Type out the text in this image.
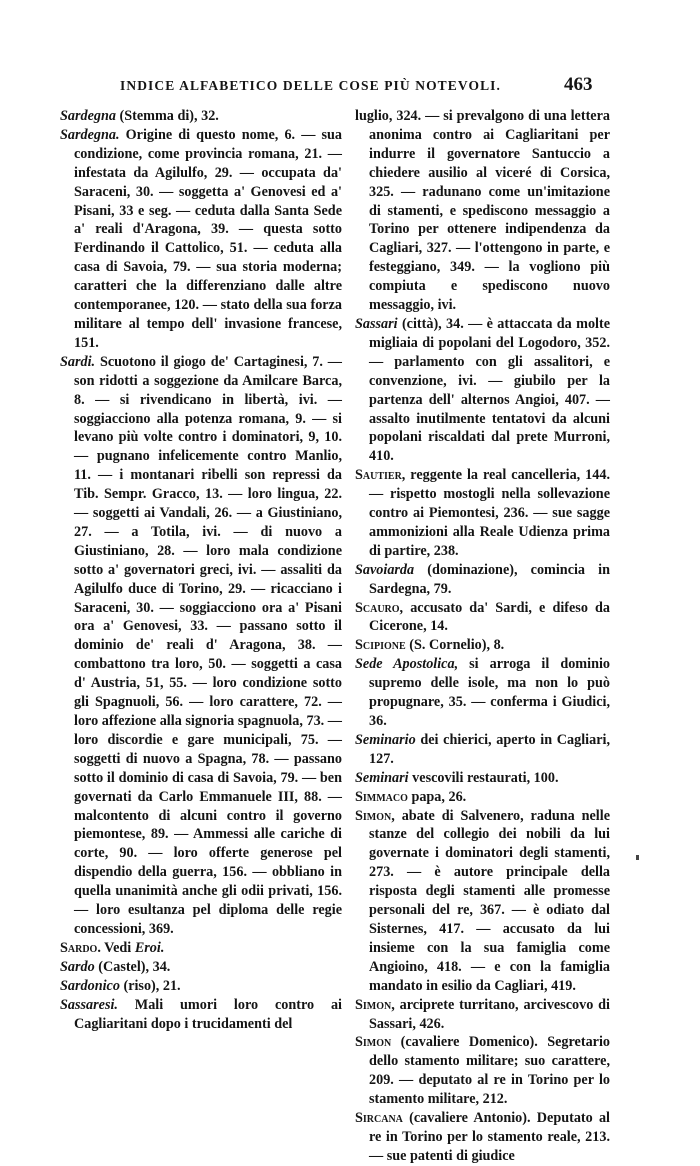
INDICE ALFABETICO DELLE COSE PIÙ NOTEVOLI.	463
Sardegna (Stemma di), 32.
Sardegna. Origine di questo nome, 6. — sua condizione, come provincia romana, 21. — infestata da Agilulfo, 29. — occupata da' Saraceni, 30. — soggetta a' Genovesi ed a' Pisani, 33 e seg. — ceduta dalla Santa Sede a' reali d'Aragona, 39. — questa sotto Ferdinando il Cattolico, 51. — ceduta alla casa di Savoia, 79. — sua storia moderna; caratteri che la differenziano dalle altre contemporanee, 120. — stato della sua forza militare al tempo dell' invasione francese, 151.
Sardi. Scuotono il giogo de' Cartaginesi, 7. — son ridotti a soggezione da Amilcare Barca, 8. — si rivendicano in libertà, ivi. — soggiacciono alla potenza romana, 9. — si levano più volte contro i dominatori, 9, 10. — pugnano infelicemente contro Manlio, 11. — i montanari ribelli son repressi da Tib. Sempr. Gracco, 13. — loro lingua, 22. — soggetti ai Vandali, 26. — a Giustiniano, 27. — a Totila, ivi. — di nuovo a Giustiniano, 28. — loro mala condizione sotto a' governatori greci, ivi. — assaliti da Agilulfo duce di Torino, 29. — ricacciano i Saraceni, 30. — soggiacciono ora a' Pisani ora a' Genovesi, 33. — passano sotto il dominio de' reali d' Aragona, 38. — combattono tra loro, 50. — soggetti a casa d' Austria, 51, 55. — loro condizione sotto gli Spagnuoli, 56. — loro carattere, 72. — loro affezione alla signoria spagnuola, 73. — loro discordie e gare municipali, 75. — soggetti di nuovo a Spagna, 78. — passano sotto il dominio di casa di Savoia, 79. — ben governati da Carlo Emmanuele III, 88. — malcontento di alcuni contro il governo piemontese, 89. — Ammessi alle cariche di corte, 90. — loro offerte generose pel dispendio della guerra, 156. — obbliano in quella unanimità anche gli odii privati, 156. — loro esultanza pel diploma delle regie concessioni, 369.
Sardo. Vedi Eroi.
Sardo (Castel), 34.
Sardonico (riso), 21.
Sassaresi. Mali umori loro contro ai Cagliaritani dopo i trucidamenti del
luglio, 324. — si prevalgono di una lettera anonima contro ai Cagliaritani per indurre il governatore Santuccio a chiedere ausilio al viceré di Corsica, 325. — radunano come un'imitazione di stamenti, e spediscono messaggio a Torino per ottenere indipendenza da Cagliari, 327. — l'ottengono in parte, e festeggiano, 349. — la vogliono più compiuta e spediscono nuovo messaggio, ivi.
Sassari (città), 34. — è attaccata da molte migliaia di popolani del Logodoro, 352. — parlamento con gli assalitori, e convenzione, ivi. — giubilo per la partenza dell' alternos Angioi, 407. — assalto inutilmente tentatovi da alcuni popolani riscaldati dal prete Murroni, 410.
Sautier, reggente la real cancelleria, 144. — rispetto mostogli nella sollevazione contro ai Piemontesi, 236. — sue sagge ammonizioni alla Reale Udienza prima di partire, 238.
Savoiarda (dominazione), comincia in Sardegna, 79.
Scauro, accusato da' Sardi, e difeso da Cicerone, 14.
Scipione (S. Cornelio), 8.
Sede Apostolica, si arroga il dominio supremo delle isole, ma non lo può propugnare, 35. — conferma i Giudici, 36.
Seminario dei chierici, aperto in Cagliari, 127.
Seminari vescovili restaurati, 100.
Simmaco papa, 26.
Simon, abate di Salvenero, raduna nelle stanze del collegio dei nobili da lui governate i dominatori degli stamenti, 273. — è autore principale della risposta degli stamenti alle promesse personali del re, 367. — è odiato dal Sisternes, 417. — accusato da lui insieme con la sua famiglia come Angioino, 418. — e con la famiglia mandato in esilio da Cagliari, 419.
Simon, arciprete turritano, arcivescovo di Sassari, 426.
Simon (cavaliere Domenico). Segretario dello stamento militare; suo carattere, 209. — deputato al re in Torino per lo stamento militare, 212.
Sircana (cavaliere Antonio). Deputato al re in Torino per lo stamento reale, 213. — sue patenti di giudice
